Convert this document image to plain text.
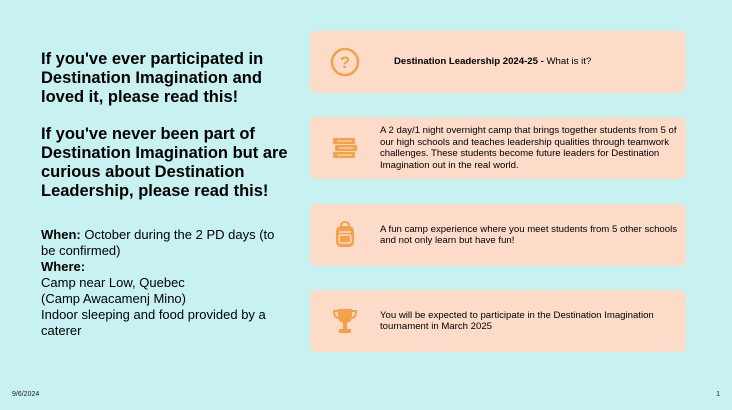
If you've ever participated in Destination Imagination and loved it, please read this!

If you've never been part of Destination Imagination but are curious about Destination Leadership, please read this!

When: October during the 2 PD days (to be confirmed)
Where:
Camp near Low, Quebec
(Camp Awacamenj Mino)
Indoor sleeping and food provided by a caterer
?	Destination Leadership 2024-25 - What is it?
A 2 day/1 night overnight camp that brings together students from 5 of our high schools and teaches leadership qualities through teamwork challenges. These students become future leaders for Destination Imagination out in the real world.
A fun camp experience where you meet students from 5 other schools and not only learn but have fun!
You will be expected to participate in the Destination Imagination tournament in March 2025
9/6/2024	1
